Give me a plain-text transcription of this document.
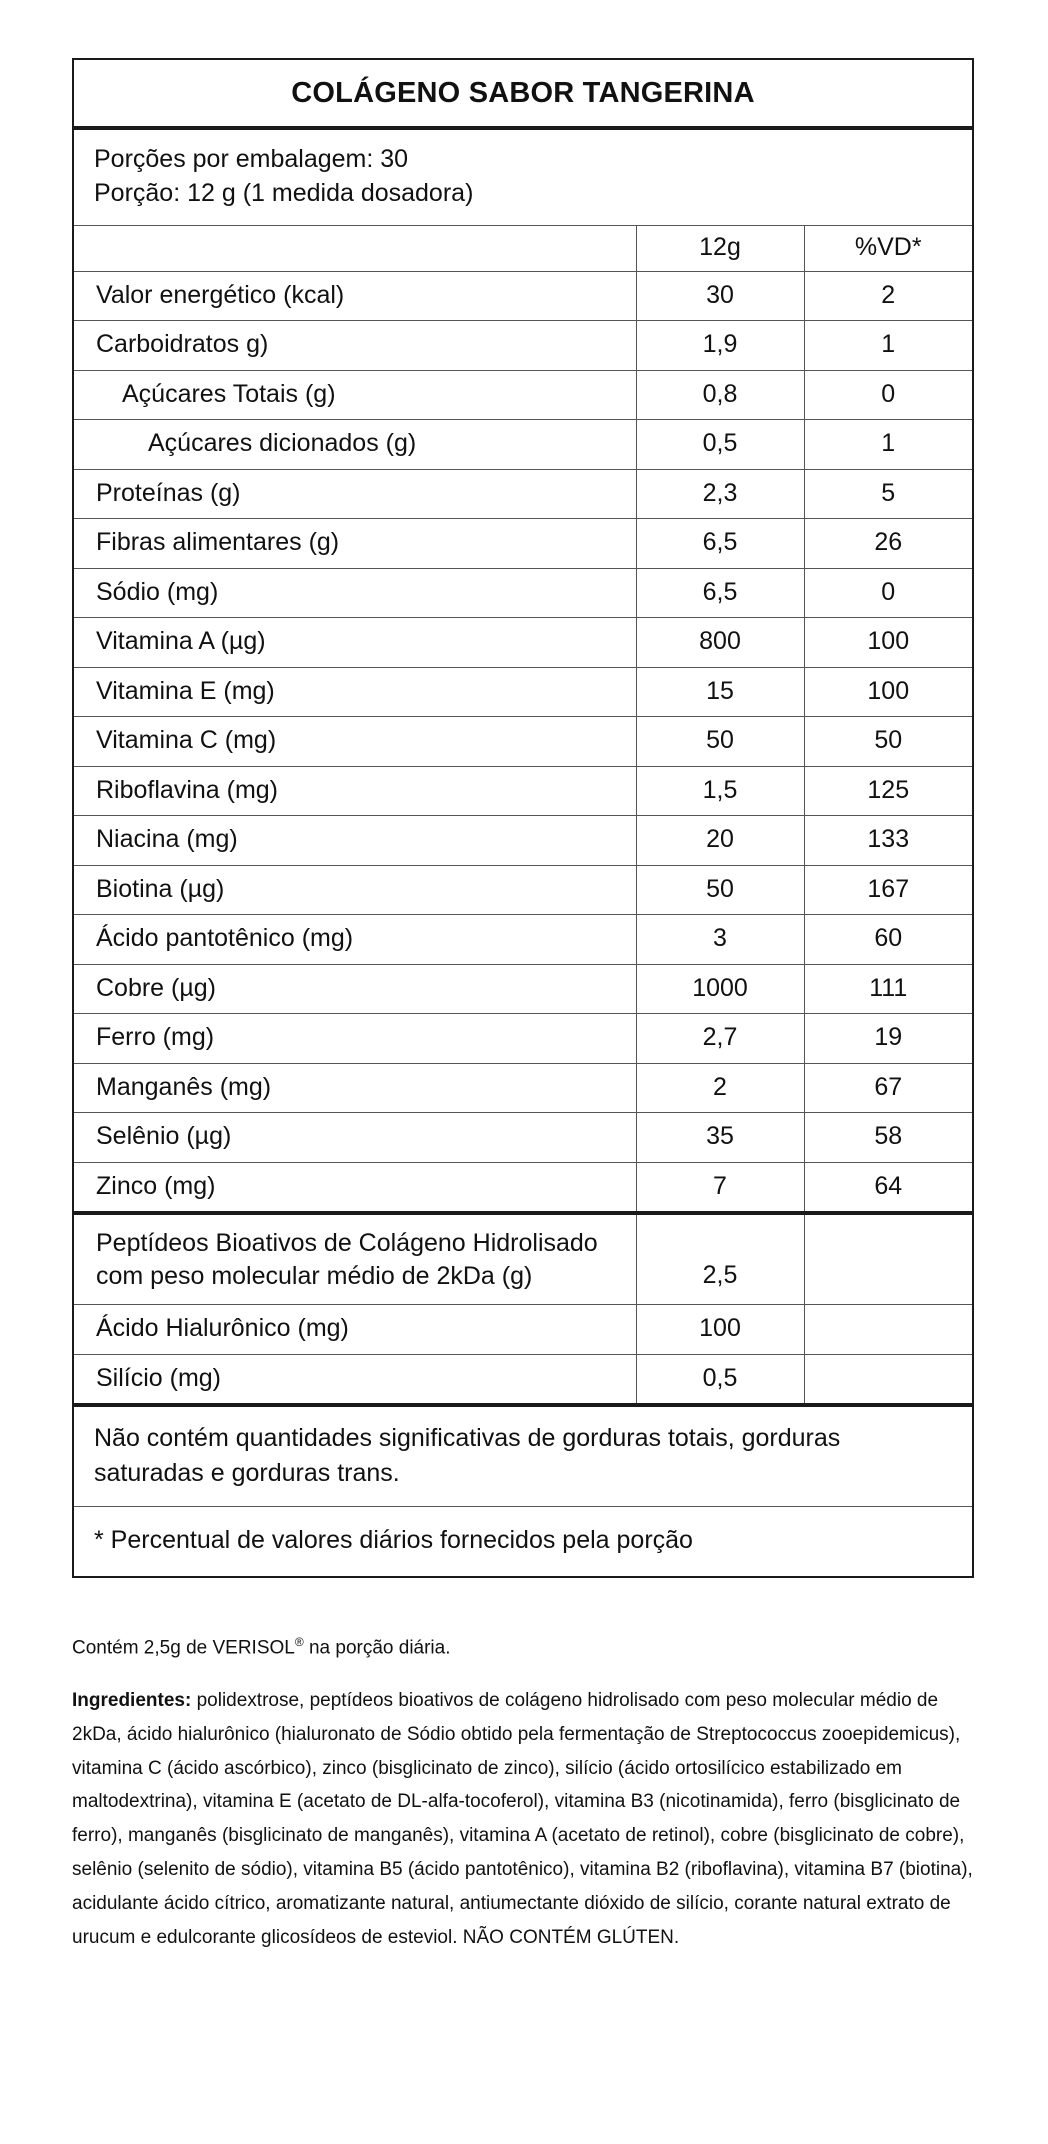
COLÁGENO SABOR TANGERINA
Porções por embalagem: 30
Porção: 12 g (1 medida dosadora)
	12g	%VD*
Valor energético (kcal)	30	2
Carboidratos g)	1,9	1
Açúcares Totais (g)	0,8	0
Açúcares dicionados (g)	0,5	1
Proteínas (g)	2,3	5
Fibras alimentares (g)	6,5	26
Sódio (mg)	6,5	0
Vitamina A (µg)	800	100
Vitamina E (mg)	15	100
Vitamina C (mg)	50	50
Riboflavina (mg)	1,5	125
Niacina (mg)	20	133
Biotina (µg)	50	167
Ácido pantotênico (mg)	3	60
Cobre (µg)	1000	111
Ferro (mg)	2,7	19
Manganês (mg)	2	67
Selênio (µg)	35	58
Zinco (mg)	7	64
Peptídeos Bioativos de Colágeno Hidrolisado com peso molecular médio de 2kDa (g)	2,5	
Ácido Hialurônico (mg)	100	
Silício (mg)	0,5	
Não contém quantidades significativas de gorduras totais, gorduras saturadas e gorduras trans.
* Percentual de valores diários fornecidos pela porção
Contém 2,5g de VERISOL® na porção diária.
Ingredientes: polidextrose, peptídeos bioativos de colágeno hidrolisado com peso molecular médio de 2kDa, ácido hialurônico (hialuronato de Sódio obtido pela fermentação de Streptococcus zooepidemicus), vitamina C (ácido ascórbico), zinco (bisglicinato de zinco), silício (ácido ortosilícico estabilizado em maltodextrina), vitamina E (acetato de DL-alfa-tocoferol), vitamina B3 (nicotinamida), ferro (bisglicinato de ferro), manganês (bisglicinato de manganês), vitamina A (acetato de retinol), cobre (bisglicinato de cobre), selênio (selenito de sódio), vitamina B5 (ácido pantotênico), vitamina B2 (riboflavina), vitamina B7 (biotina), acidulante ácido cítrico, aromatizante natural, antiumectante dióxido de silício, corante natural extrato de urucum e edulcorante glicosídeos de esteviol. NÃO CONTÉM GLÚTEN.
